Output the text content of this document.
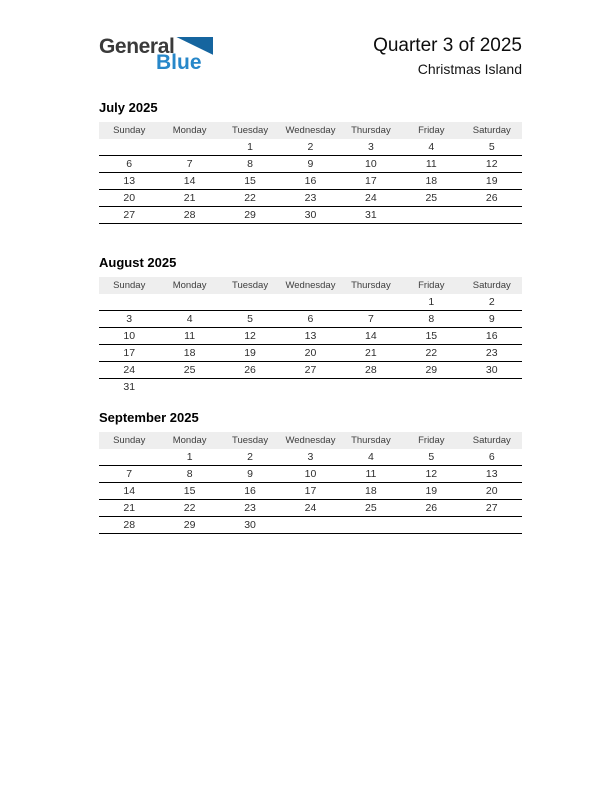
General
Blue
Quarter 3 of 2025
Christmas Island
July 2025
Sunday	Monday	Tuesday	Wednesday	Thursday	Friday	Saturday
		1	2	3	4	5
6	7	8	9	10	11	12
13	14	15	16	17	18	19
20	21	22	23	24	25	26
27	28	29	30	31		
August 2025
Sunday	Monday	Tuesday	Wednesday	Thursday	Friday	Saturday
					1	2
3	4	5	6	7	8	9
10	11	12	13	14	15	16
17	18	19	20	21	22	23
24	25	26	27	28	29	30
31						
September 2025
Sunday	Monday	Tuesday	Wednesday	Thursday	Friday	Saturday
	1	2	3	4	5	6
7	8	9	10	11	12	13
14	15	16	17	18	19	20
21	22	23	24	25	26	27
28	29	30				
